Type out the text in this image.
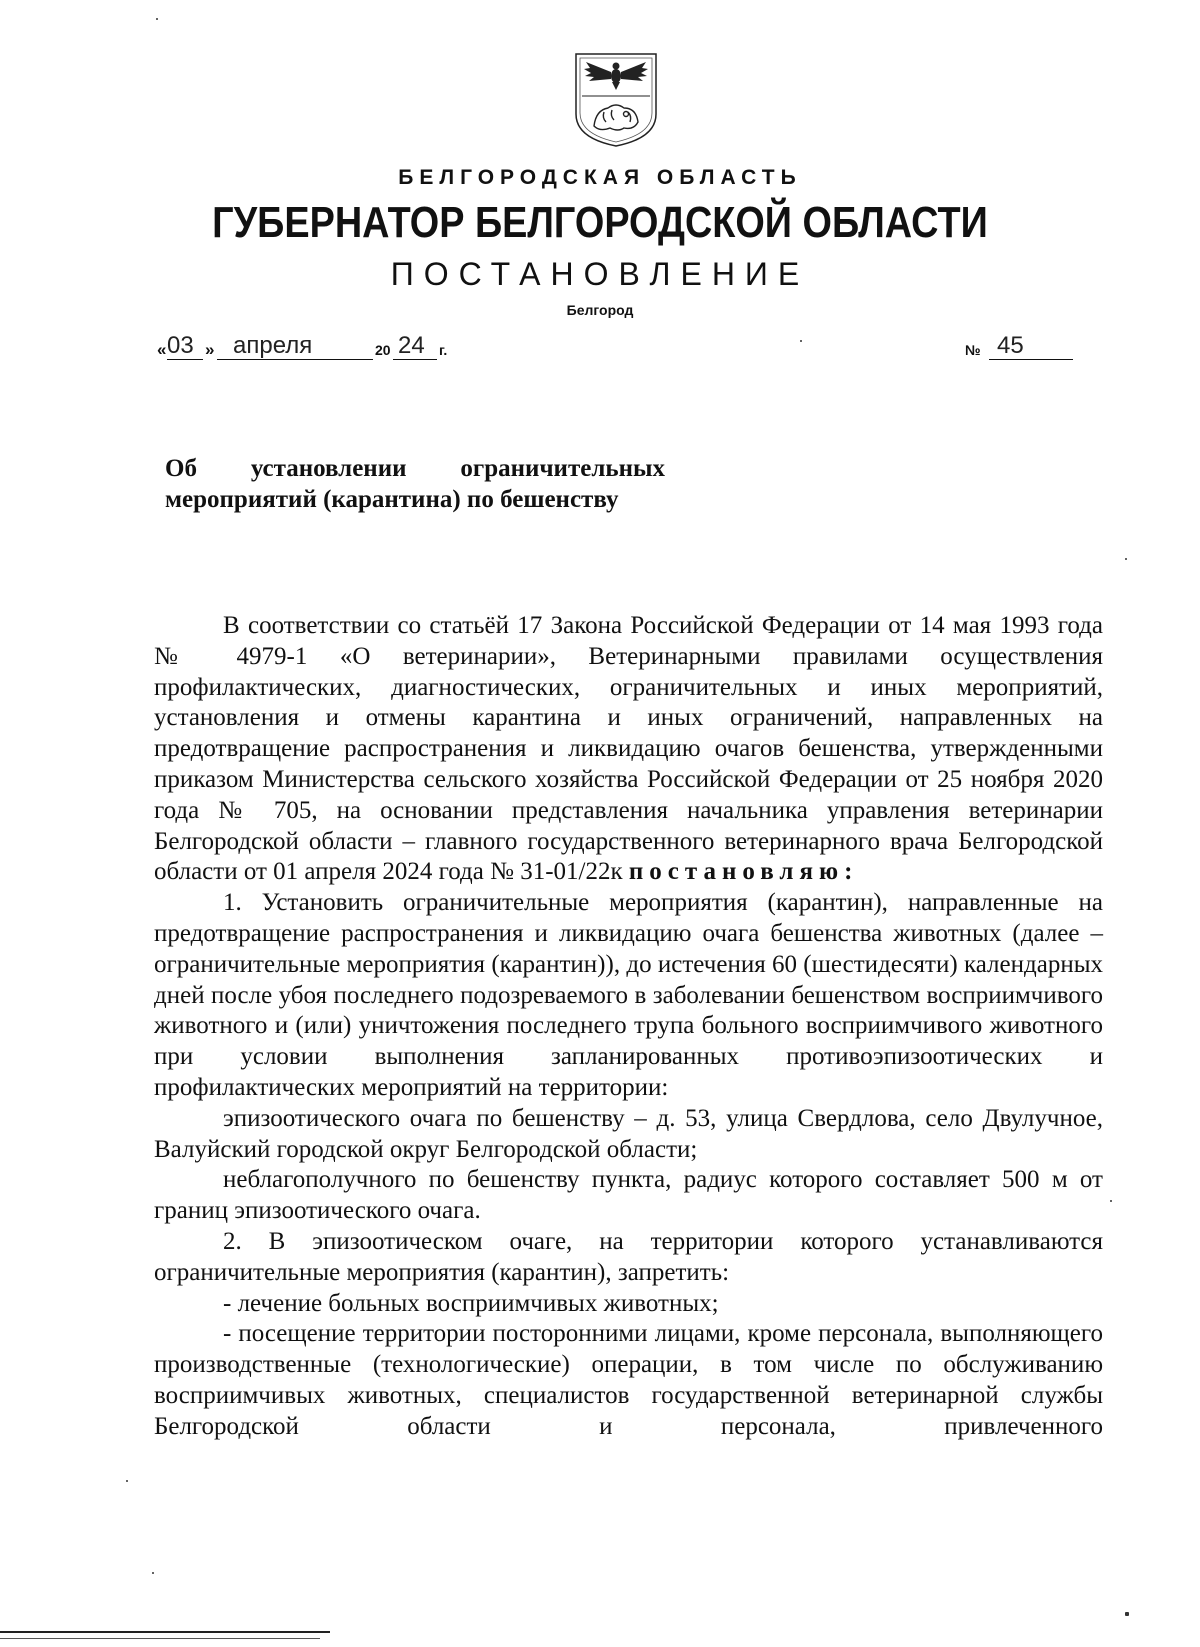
БЕЛГОРОДСКАЯ ОБЛАСТЬ
ГУБЕРНАТОР БЕЛГОРОДСКОЙ ОБЛАСТИ
ПОСТАНОВЛЕНИЕ
Белгород
« 03 » апреля	20 24 г.	№ 45
Об установлении ограничительных
мероприятий (карантина) по бешенству

В соответствии со статьёй 17 Закона Российской Федерации от 14 мая 1993 года № 4979-1 «О ветеринарии», Ветеринарными правилами осуществления профилактических, диагностических, ограничительных и иных мероприятий, установления и отмены карантина и иных ограничений, направленных на предотвращение распространения и ликвидацию очагов бешенства, утвержденными приказом Министерства сельского хозяйства Российской Федерации от 25 ноября 2020 года № 705, на основании представления начальника управления ветеринарии Белгородской области – главного государственного ветеринарного врача Белгородской области от 01 апреля 2024 года № 31-01/22к постановляю:

1. Установить ограничительные мероприятия (карантин), направленные на предотвращение распространения и ликвидацию очага бешенства животных (далее – ограничительные мероприятия (карантин)), до истечения 60 (шестидесяти) календарных дней после убоя последнего подозреваемого в заболевании бешенством восприимчивого животного и (или) уничтожения последнего трупа больного восприимчивого животного при условии выполнения запланированных противоэпизоотических и профилактических мероприятий на территории:

эпизоотического очага по бешенству – д. 53, улица Свердлова, село Двулучное, Валуйский городской округ Белгородской области;

неблагополучного по бешенству пункта, радиус которого составляет 500 м от границ эпизоотического очага.

2. В эпизоотическом очаге, на территории которого устанавливаются ограничительные мероприятия (карантин), запретить:

- лечение больных восприимчивых животных;

- посещение территории посторонними лицами, кроме персонала, выполняющего производственные (технологические) операции, в том числе по обслуживанию восприимчивых животных, специалистов государственной ветеринарной службы Белгородской области и персонала, привлеченного
